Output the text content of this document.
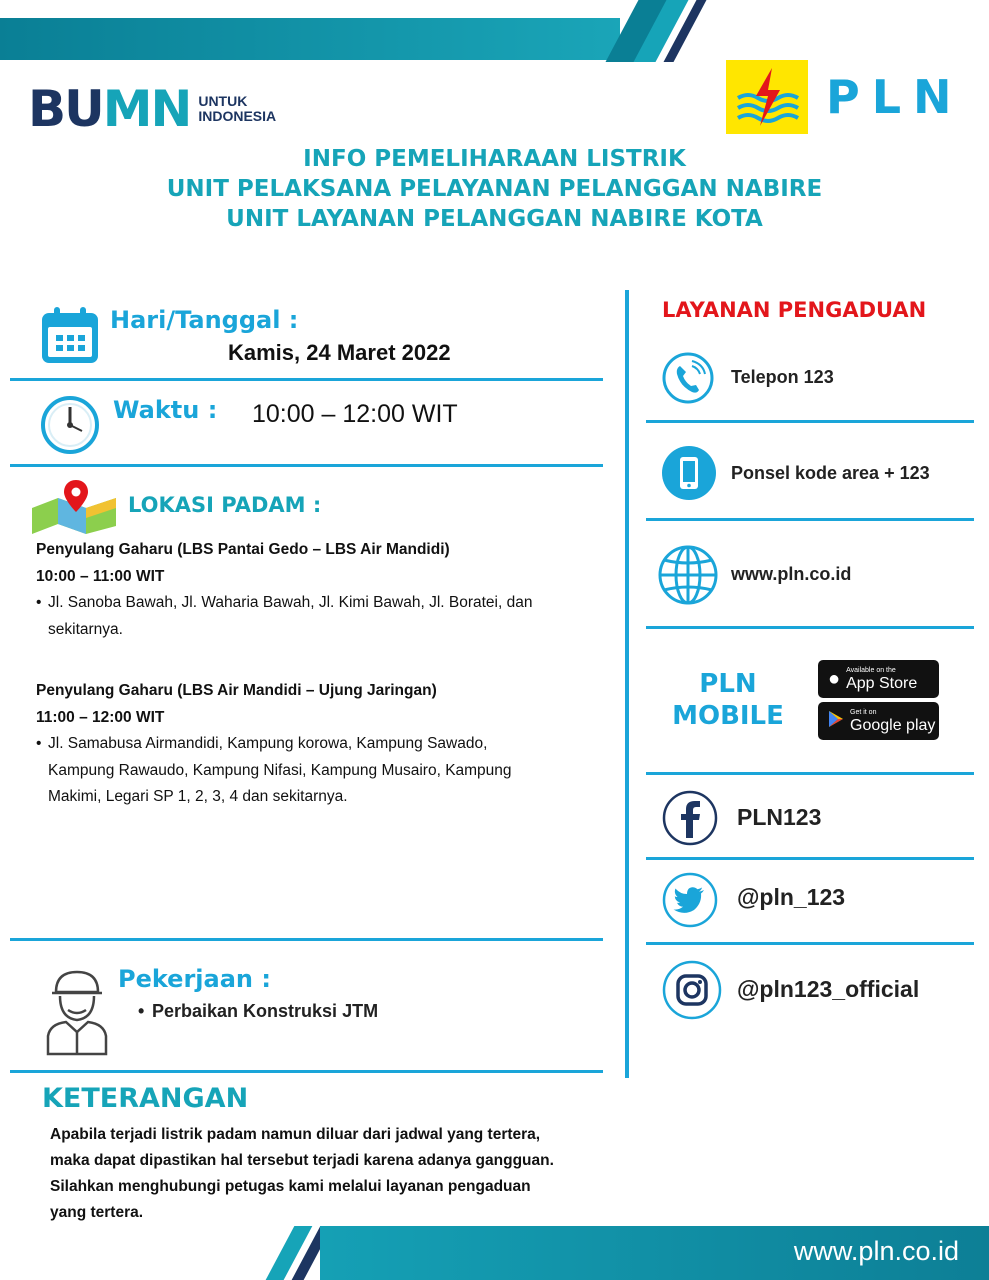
BUMN UNTUK
INDONESIA	PLN
INFO PEMELIHARAAN LISTRIK
UNIT PELAKSANA PELAYANAN PELANGGAN NABIRE
UNIT LAYANAN PELANGGAN NABIRE KOTA
Hari/Tanggal :
Kamis, 24 Maret 2022
Waktu : 10:00 – 12:00 WIT
LOKASI PADAM :
Penyulang Gaharu (LBS Pantai Gedo – LBS Air Mandidi)
10:00 – 11:00 WIT
• Jl. Sanoba Bawah, Jl. Waharia Bawah, Jl. Kimi Bawah, Jl. Boratei, dan
sekitarnya.
Penyulang Gaharu (LBS Air Mandidi – Ujung Jaringan)
11:00 – 12:00 WIT
• Jl. Samabusa Airmandidi, Kampung korowa, Kampung Sawado,
Kampung Rawaudo, Kampung Nifasi, Kampung Musairo, Kampung
Makimi, Legari SP 1, 2, 3, 4 dan sekitarnya.
Pekerjaan :
• Perbaikan Konstruksi JTM
KETERANGAN
Apabila terjadi listrik padam namun diluar dari jadwal yang tertera,
maka dapat dipastikan hal tersebut terjadi karena adanya gangguan.
Silahkan menghubungi petugas kami melalui layanan pengaduan
yang tertera.
LAYANAN PENGADUAN
Telepon 123
Ponsel kode area + 123
www.pln.co.id
PLN
MOBILE
● Available on the
App Store
Get it on
Google play
PLN123
@pln_123
@pln123_official
www.pln.co.id
